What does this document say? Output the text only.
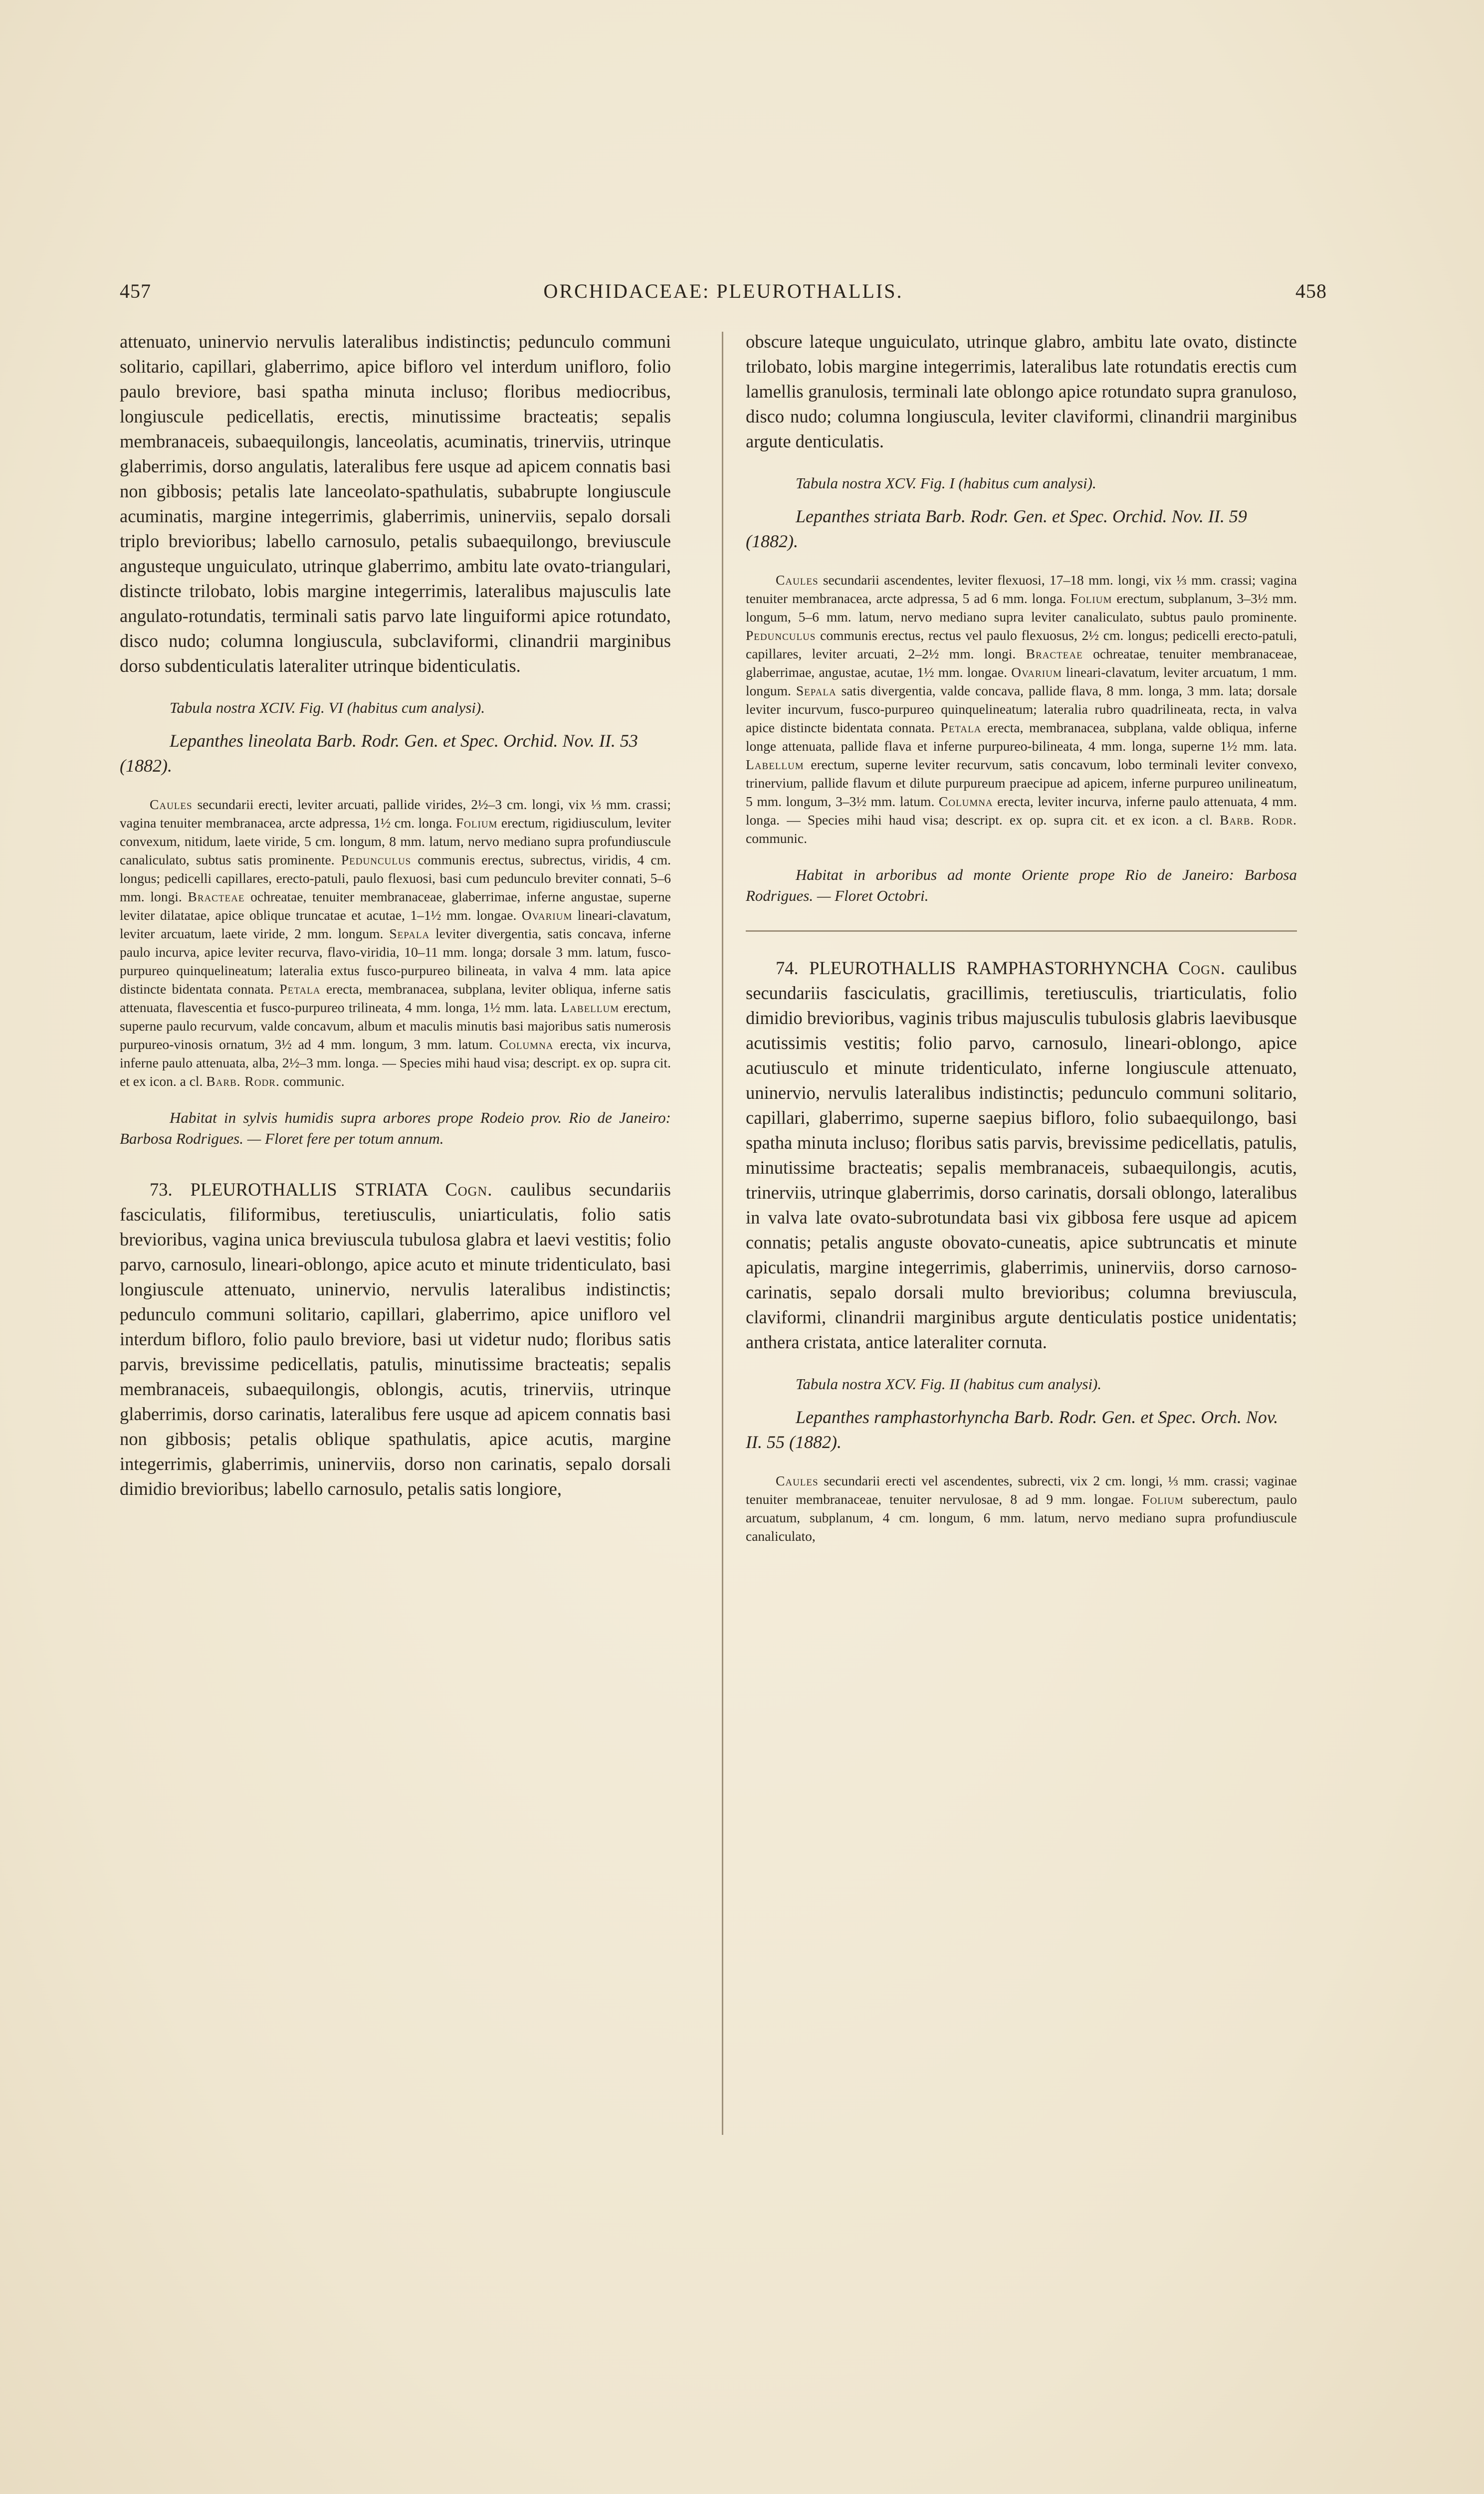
457	ORCHIDACEAE: PLEUROTHALLIS.	458

attenuato, uninervio nervulis lateralibus indistinctis; pedunculo communi solitario, capillari, glaberrimo, apice bifloro vel interdum unifloro, folio paulo breviore, basi spatha minuta incluso; floribus mediocribus, longiuscule pedicellatis, erectis, minutissime bracteatis; sepalis membranaceis, subaequilongis, lanceolatis, acuminatis, trinerviis, utrinque glaberrimis, dorso angulatis, lateralibus fere usque ad apicem connatis basi non gibbosis; petalis late lanceolato-spathulatis, subabrupte longiuscule acuminatis, margine integerrimis, glaberrimis, uninerviis, sepalo dorsali triplo brevioribus; labello carnosulo, petalis subaequilongo, breviuscule angusteque unguiculato, utrinque glaberrimo, ambitu late ovato-triangulari, distincte trilobato, lobis margine integerrimis, lateralibus majusculis late angulato-rotundatis, terminali satis parvo late linguiformi apice rotundato, disco nudo; columna longiuscula, subclaviformi, clinandrii marginibus dorso subdenticulatis lateraliter utrinque bidenticulatis.

Tabula nostra XCIV. Fig. VI (habitus cum analysi).

Lepanthes lineolata Barb. Rodr. Gen. et Spec. Orchid. Nov. II. 53 (1882).

Caules secundarii erecti, leviter arcuati, pallide virides, 2½–3 cm. longi, vix ⅓ mm. crassi; vagina tenuiter membranacea, arcte adpressa, 1½ cm. longa. Folium erectum, rigidiusculum, leviter convexum, nitidum, laete viride, 5 cm. longum, 8 mm. latum, nervo mediano supra profundiuscule canaliculato, subtus satis prominente. Pedunculus communis erectus, subrectus, viridis, 4 cm. longus; pedicelli capillares, erecto-patuli, paulo flexuosi, basi cum pedunculo breviter connati, 5–6 mm. longi. Bracteae ochreatae, tenuiter membranaceae, glaberrimae, inferne angustae, superne leviter dilatatae, apice oblique truncatae et acutae, 1–1½ mm. longae. Ovarium lineari-clavatum, leviter arcuatum, laete viride, 2 mm. longum. Sepala leviter divergentia, satis concava, inferne paulo incurva, apice leviter recurva, flavo-viridia, 10–11 mm. longa; dorsale 3 mm. latum, fusco-purpureo quinquelineatum; lateralia extus fusco-purpureo bilineata, in valva 4 mm. lata apice distincte bidentata connata. Petala erecta, membranacea, subplana, leviter obliqua, inferne satis attenuata, flavescentia et fusco-purpureo trilineata, 4 mm. longa, 1½ mm. lata. Labellum erectum, superne paulo recurvum, valde concavum, album et maculis minutis basi majoribus satis numerosis purpureo-vinosis ornatum, 3½ ad 4 mm. longum, 3 mm. latum. Columna erecta, vix incurva, inferne paulo attenuata, alba, 2½–3 mm. longa. — Species mihi haud visa; descript. ex op. supra cit. et ex icon. a cl. Barb. Rodr. communic.

Habitat in sylvis humidis supra arbores prope Rodeio prov. Rio de Janeiro: Barbosa Rodrigues. — Floret fere per totum annum.

73. PLEUROTHALLIS STRIATA Cogn. caulibus secundariis fasciculatis, filiformibus, teretiusculis, uniarticulatis, folio satis brevioribus, vagina unica breviuscula tubulosa glabra et laevi vestitis; folio parvo, carnosulo, lineari-oblongo, apice acuto et minute tridenticulato, basi longiuscule attenuato, uninervio, nervulis lateralibus indistinctis; pedunculo communi solitario, capillari, glaberrimo, apice unifloro vel interdum bifloro, folio paulo breviore, basi ut videtur nudo; floribus satis parvis, brevissime pedicellatis, patulis, minutissime bracteatis; sepalis membranaceis, subaequilongis, oblongis, acutis, trinerviis, utrinque glaberrimis, dorso carinatis, lateralibus fere usque ad apicem connatis basi non gibbosis; petalis oblique spathulatis, apice acutis, margine integerrimis, glaberrimis, uninerviis, dorso non carinatis, sepalo dorsali dimidio brevioribus; labello carnosulo, petalis satis longiore,

obscure lateque unguiculato, utrinque glabro, ambitu late ovato, distincte trilobato, lobis margine integerrimis, lateralibus late rotundatis erectis cum lamellis granulosis, terminali late oblongo apice rotundato supra granuloso, disco nudo; columna longiuscula, leviter claviformi, clinandrii marginibus argute denticulatis.

Tabula nostra XCV. Fig. I (habitus cum analysi).

Lepanthes striata Barb. Rodr. Gen. et Spec. Orchid. Nov. II. 59 (1882).

Caules secundarii ascendentes, leviter flexuosi, 17–18 mm. longi, vix ⅓ mm. crassi; vagina tenuiter membranacea, arcte adpressa, 5 ad 6 mm. longa. Folium erectum, subplanum, 3–3½ mm. longum, 5–6 mm. latum, nervo mediano supra leviter canaliculato, subtus paulo prominente. Pedunculus communis erectus, rectus vel paulo flexuosus, 2½ cm. longus; pedicelli erecto-patuli, capillares, leviter arcuati, 2–2½ mm. longi. Bracteae ochreatae, tenuiter membranaceae, glaberrimae, angustae, acutae, 1½ mm. longae. Ovarium lineari-clavatum, leviter arcuatum, 1 mm. longum. Sepala satis divergentia, valde concava, pallide flava, 8 mm. longa, 3 mm. lata; dorsale leviter incurvum, fusco-purpureo quinquelineatum; lateralia rubro quadrilineata, recta, in valva apice distincte bidentata connata. Petala erecta, membranacea, subplana, valde obliqua, inferne longe attenuata, pallide flava et inferne purpureo-bilineata, 4 mm. longa, superne 1½ mm. lata. Labellum erectum, superne leviter recurvum, satis concavum, lobo terminali leviter convexo, trinervium, pallide flavum et dilute purpureum praecipue ad apicem, inferne purpureo unilineatum, 5 mm. longum, 3–3½ mm. latum. Columna erecta, leviter incurva, inferne paulo attenuata, 4 mm. longa. — Species mihi haud visa; descript. ex op. supra cit. et ex icon. a cl. Barb. Rodr. communic.

Habitat in arboribus ad monte Oriente prope Rio de Janeiro: Barbosa Rodrigues. — Floret Octobri.

74. PLEUROTHALLIS RAMPHASTORHYNCHA Cogn. caulibus secundariis fasciculatis, gracillimis, teretiusculis, triarticulatis, folio dimidio brevioribus, vaginis tribus majusculis tubulosis glabris laevibusque acutissimis vestitis; folio parvo, carnosulo, lineari-oblongo, apice acutiusculo et minute tridenticulato, inferne longiuscule attenuato, uninervio, nervulis lateralibus indistinctis; pedunculo communi solitario, capillari, glaberrimo, superne saepius bifloro, folio subaequilongo, basi spatha minuta incluso; floribus satis parvis, brevissime pedicellatis, patulis, minutissime bracteatis; sepalis membranaceis, subaequilongis, acutis, trinerviis, utrinque glaberrimis, dorso carinatis, dorsali oblongo, lateralibus in valva late ovato-subrotundata basi vix gibbosa fere usque ad apicem connatis; petalis anguste obovato-cuneatis, apice subtruncatis et minute apiculatis, margine integerrimis, glaberrimis, uninerviis, dorso carnoso-carinatis, sepalo dorsali multo brevioribus; columna breviuscula, claviformi, clinandrii marginibus argute denticulatis postice unidentatis; anthera cristata, antice lateraliter cornuta.

Tabula nostra XCV. Fig. II (habitus cum analysi).

Lepanthes ramphastorhyncha Barb. Rodr. Gen. et Spec. Orch. Nov. II. 55 (1882).

Caules secundarii erecti vel ascendentes, subrecti, vix 2 cm. longi, ⅓ mm. crassi; vaginae tenuiter membranaceae, tenuiter nervulosae, 8 ad 9 mm. longae. Folium suberectum, paulo arcuatum, subplanum, 4 cm. longum, 6 mm. latum, nervo mediano supra profundiuscule canaliculato,
